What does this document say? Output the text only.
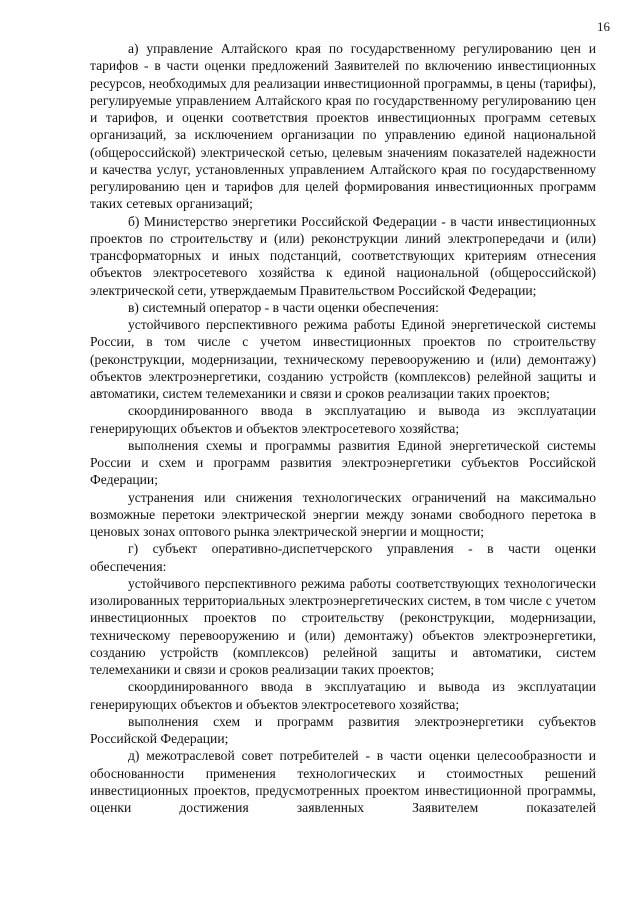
16

а) управление Алтайского края по государственному регулированию цен и тарифов - в части оценки предложений Заявителей по включению инвестиционных ресурсов, необходимых для реализации инвестиционной программы, в цены (тарифы), регулируемые управлением Алтайского края по государственному регулированию цен и тарифов, и оценки соответствия проектов инвестиционных программ сетевых организаций, за исключением организации по управлению единой национальной (общероссийской) электрической сетью, целевым значениям показателей надежности и качества услуг, установленных управлением Алтайского края по государственному регулированию цен и тарифов для целей формирования инвестиционных программ таких сетевых организаций;

б) Министерство энергетики Российской Федерации - в части инвестиционных проектов по строительству и (или) реконструкции линий электропередачи и (или) трансформаторных и иных подстанций, соответствующих критериям отнесения объектов электросетевого хозяйства к единой национальной (общероссийской) электрической сети, утверждаемым Правительством Российской Федерации;

в) системный оператор - в части оценки обеспечения:

устойчивого перспективного режима работы Единой энергетической системы России, в том числе с учетом инвестиционных проектов по строительству (реконструкции, модернизации, техническому перевооружению и (или) демонтажу) объектов электроэнергетики, созданию устройств (комплексов) релейной защиты и автоматики, систем телемеханики и связи и сроков реализации таких проектов;

скоординированного ввода в эксплуатацию и вывода из эксплуатации генерирующих объектов и объектов электросетевого хозяйства;

выполнения схемы и программы развития Единой энергетической системы России и схем и программ развития электроэнергетики субъектов Российской Федерации;

устранения или снижения технологических ограничений на максимально возможные перетоки электрической энергии между зонами свободного перетока в ценовых зонах оптового рынка электрической энергии и мощности;

г) субъект оперативно-диспетчерского управления - в части оценки обеспечения:

устойчивого перспективного режима работы соответствующих технологически изолированных территориальных электроэнергетических систем, в том числе с учетом инвестиционных проектов по строительству (реконструкции, модернизации, техническому перевооружению и (или) демонтажу) объектов электроэнергетики, созданию устройств (комплексов) релейной защиты и автоматики, систем телемеханики и связи и сроков реализации таких проектов;

скоординированного ввода в эксплуатацию и вывода из эксплуатации генерирующих объектов и объектов электросетевого хозяйства;

выполнения схем и программ развития электроэнергетики субъектов Российской Федерации;

д) межотраслевой совет потребителей - в части оценки целесообразности и обоснованности применения технологических и стоимостных решений инвестиционных проектов, предусмотренных проектом инвестиционной программы, оценки достижения заявленных Заявителем показателей
